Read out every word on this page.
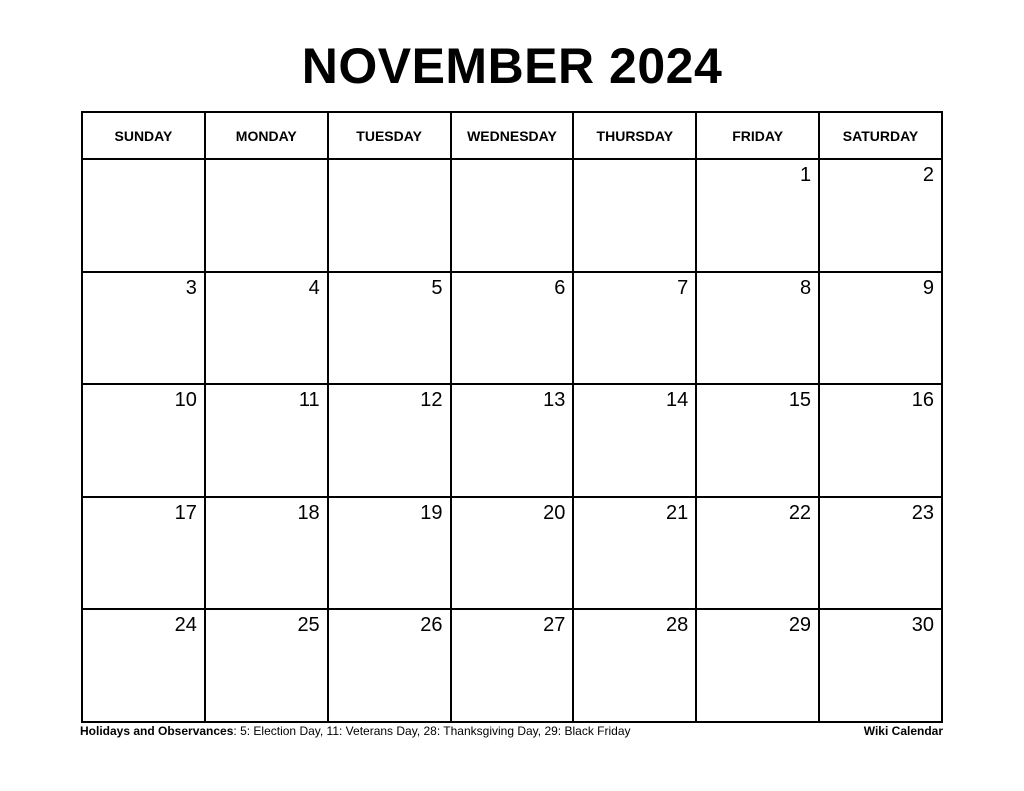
NOVEMBER 2024
SUNDAY	MONDAY	TUESDAY	WEDNESDAY	THURSDAY	FRIDAY	SATURDAY

					1	2

3	4	5	6	7	8	9

10	11	12	13	14	15	16

17	18	19	20	21	22	23

24	25	26	27	28	29	30
Holidays and Observances: 5: Election Day, 11: Veterans Day, 28: Thanksgiving Day, 29: Black Friday	Wiki Calendar
